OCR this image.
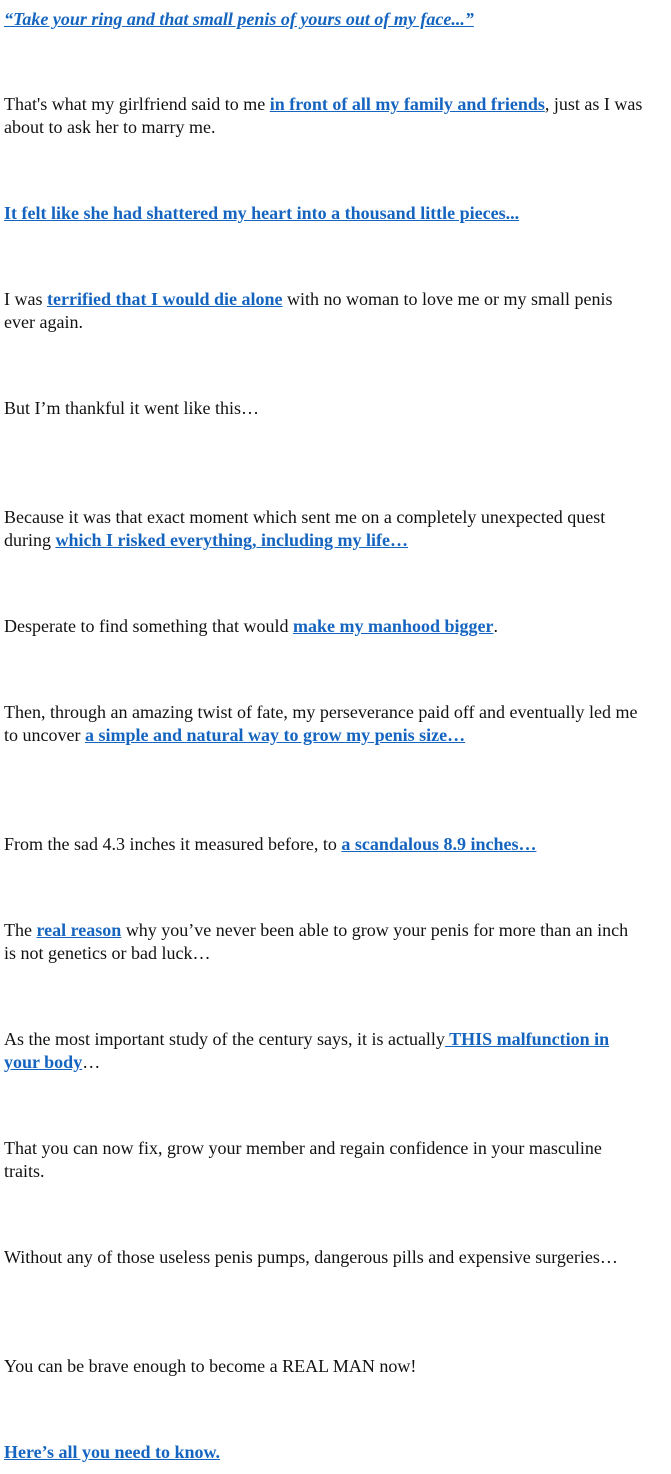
“Take your ring and that small penis of yours out of my face...”

That's what my girlfriend said to me in front of all my family and friends, just as I was about to ask her to marry me.

It felt like she had shattered my heart into a thousand little pieces...

I was terrified that I would die alone with no woman to love me or my small penis ever again.

But I’m thankful it went like this…

Because it was that exact moment which sent me on a completely unexpected quest during which I risked everything, including my life…

Desperate to find something that would make my manhood bigger.

Then, through an amazing twist of fate, my perseverance paid off and eventually led me to uncover a simple and natural way to grow my penis size…

From the sad 4.3 inches it measured before, to a scandalous 8.9 inches…

The real reason why you’ve never been able to grow your penis for more than an inch is not genetics or bad luck…

As the most important study of the century says, it is actually THIS malfunction in your body…

That you can now fix, grow your member and regain confidence in your masculine traits.

Without any of those useless penis pumps, dangerous pills and expensive surgeries…

You can be brave enough to become a REAL MAN now!

Here’s all you need to know.
